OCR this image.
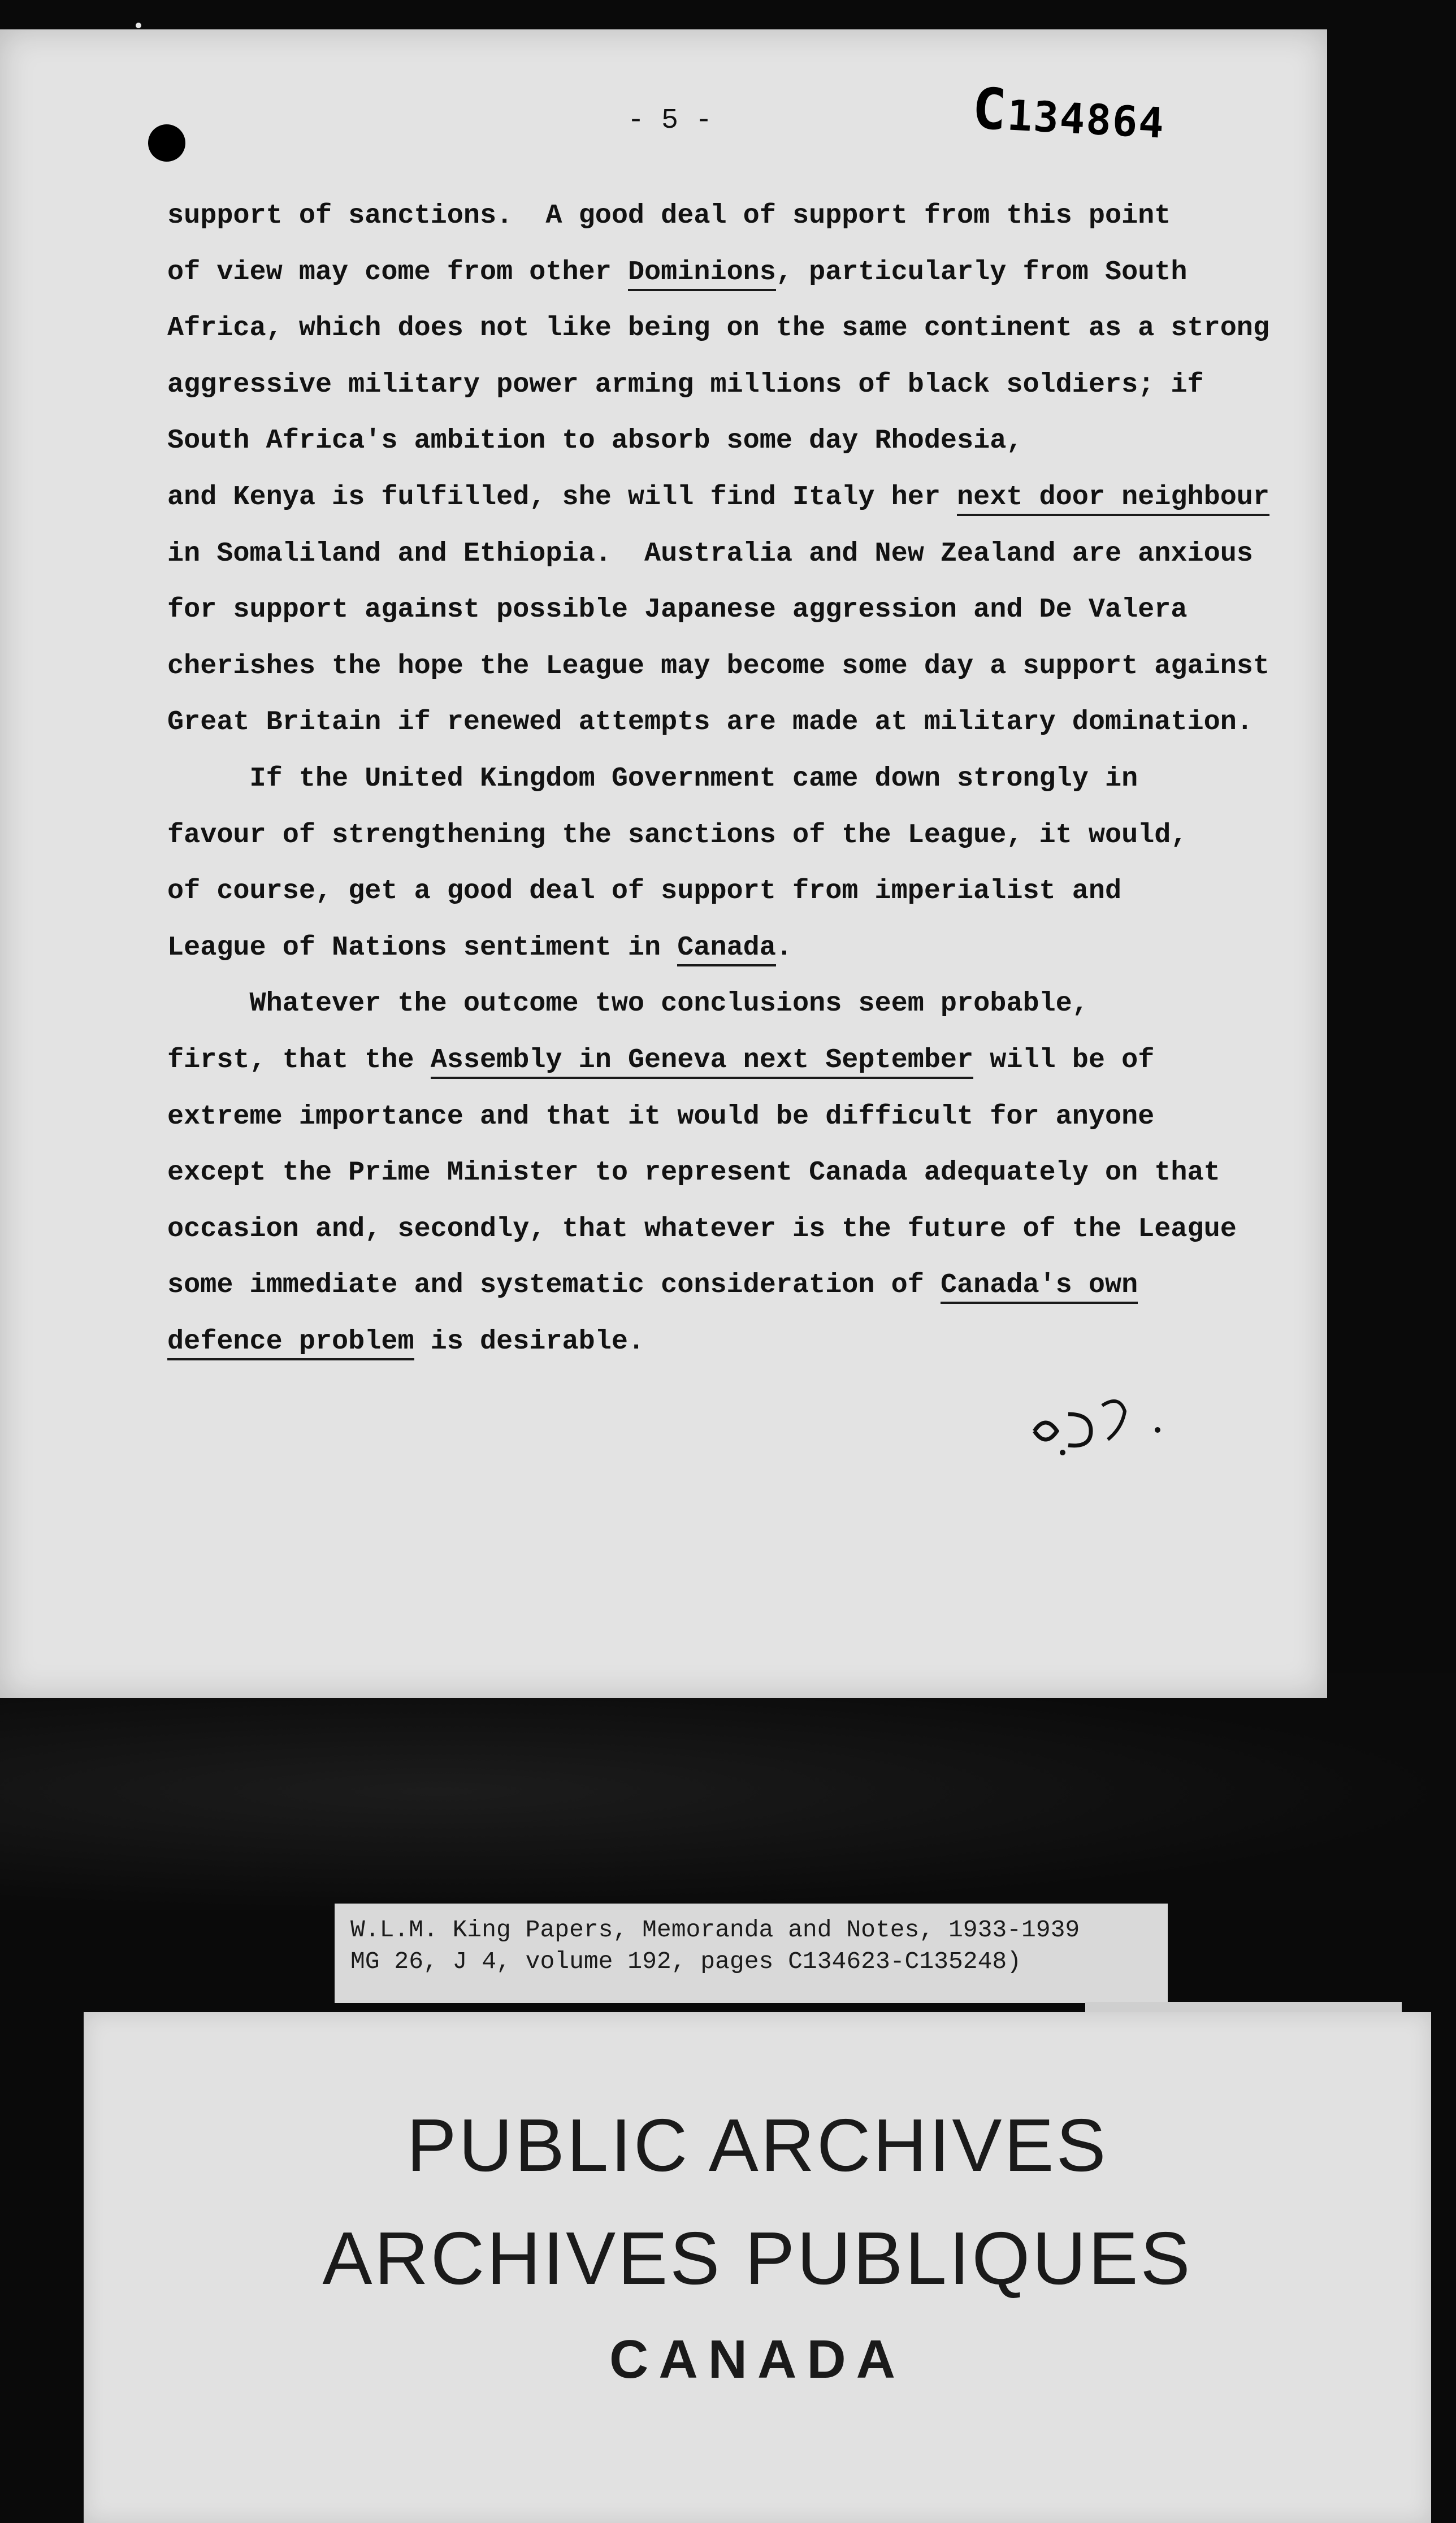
- 5 -	C134864
support of sanctions.  A good deal of support from this point
of view may come from other Dominions, particularly from South
Africa, which does not like being on the same continent as a strong
aggressive military power arming millions of black soldiers; if
South Africa's ambition to absorb some day Rhodesia,
and Kenya is fulfilled, she will find Italy her next door neighbour
in Somaliland and Ethiopia.  Australia and New Zealand are anxious
for support against possible Japanese aggression and De Valera
cherishes the hope the League may become some day a support against
Great Britain if renewed attempts are made at military domination.
If the United Kingdom Government came down strongly in
favour of strengthening the sanctions of the League, it would,
of course, get a good deal of support from imperialist and
League of Nations sentiment in Canada.
Whatever the outcome two conclusions seem probable,
first, that the Assembly in Geneva next September will be of
extreme importance and that it would be difficult for anyone
except the Prime Minister to represent Canada adequately on that
occasion and, secondly, that whatever is the future of the League
some immediate and systematic consideration of Canada's own
defence problem is desirable.
W.L.M. King Papers, Memoranda and Notes, 1933-1939
MG 26, J 4, volume 192, pages C134623-C135248)
PUBLIC ARCHIVES
ARCHIVES PUBLIQUES
CANADA
